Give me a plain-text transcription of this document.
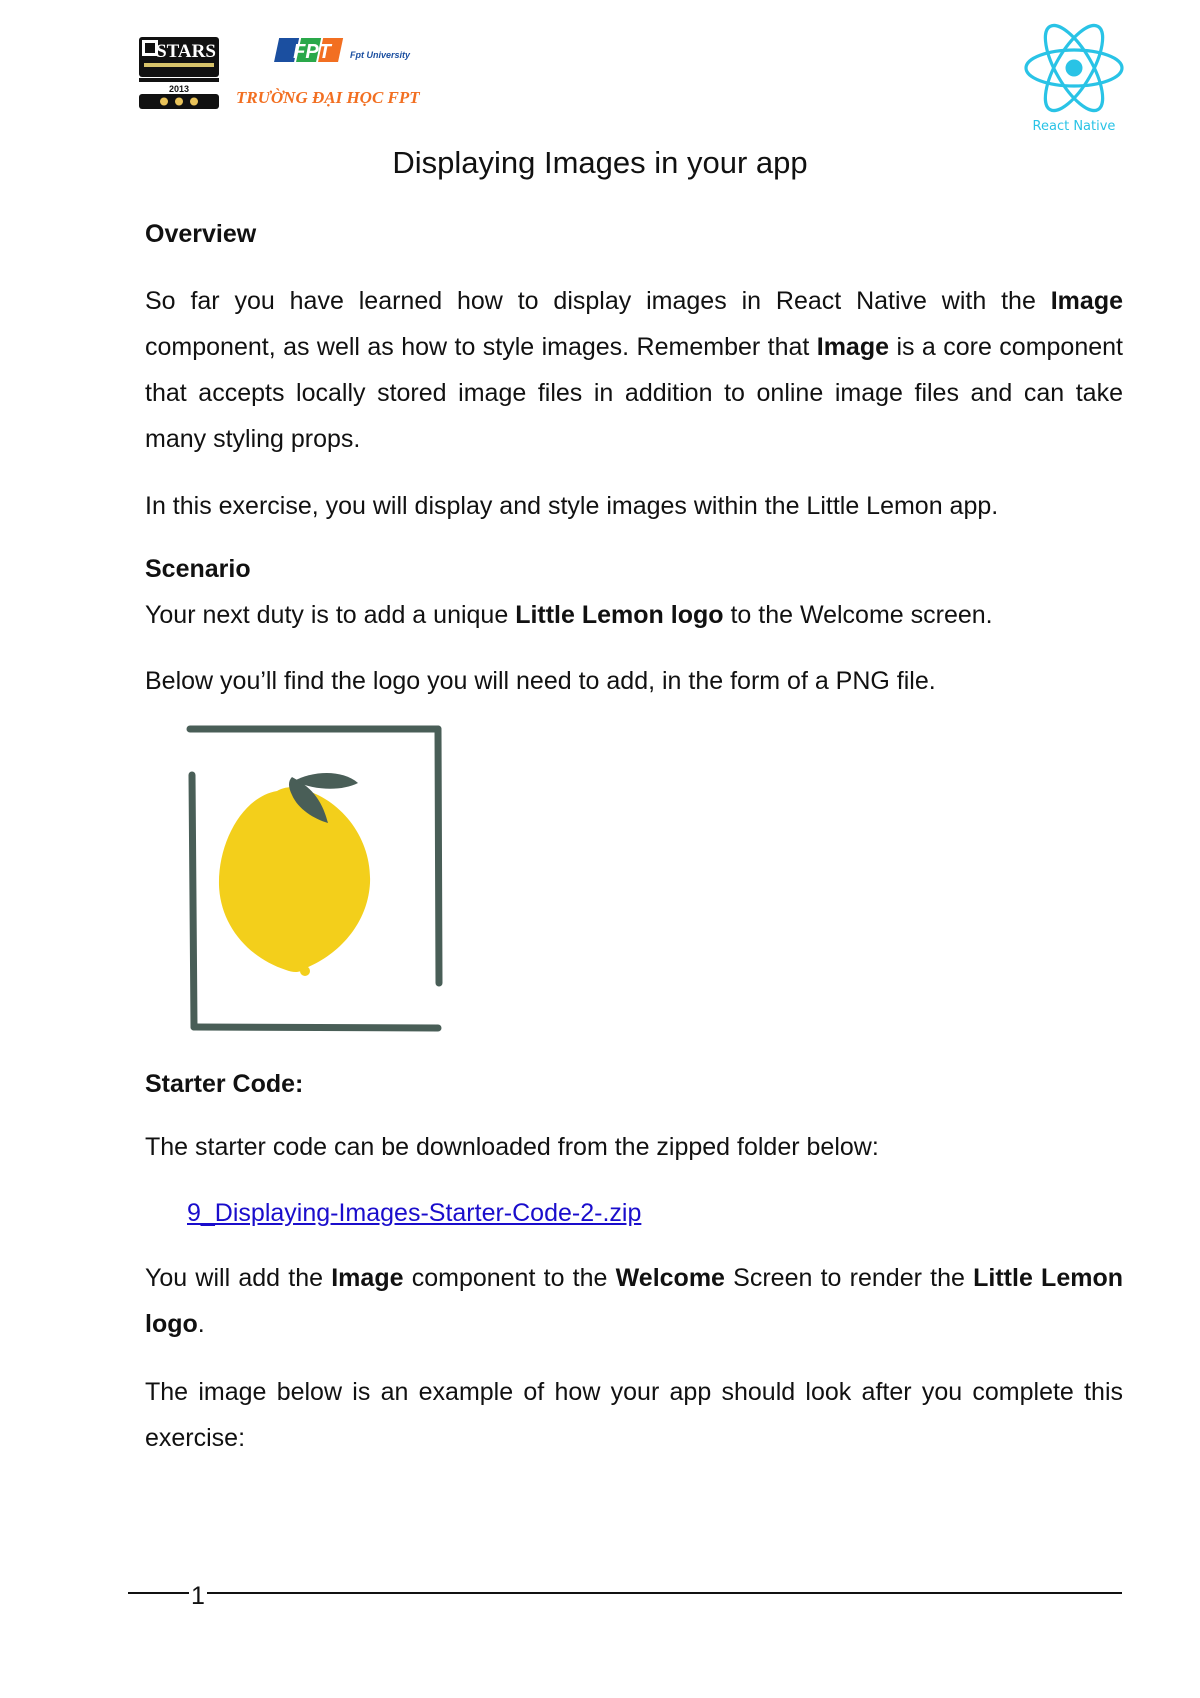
STARS
2013
FPT Fpt University
TRƯỜNG ĐẠI HỌC FPT
React Native
Displaying Images in your app

Overview

So far you have learned how to display images in React Native with the Image component, as well as how to style images. Remember that Image is a core component that accepts locally stored image files in addition to online image files and can take many styling props.

In this exercise, you will display and style images within the Little Lemon app.

Scenario

Your next duty is to add a unique Little Lemon logo to the Welcome screen.

Below you’ll find the logo you will need to add, in the form of a PNG file.

Starter Code:

The starter code can be downloaded from the zipped folder below:

9_Displaying-Images-Starter-Code-2-.zip

You will add the Image component to the Welcome Screen to render the Little Lemon logo.

The image below is an example of how your app should look after you complete this exercise:

1
